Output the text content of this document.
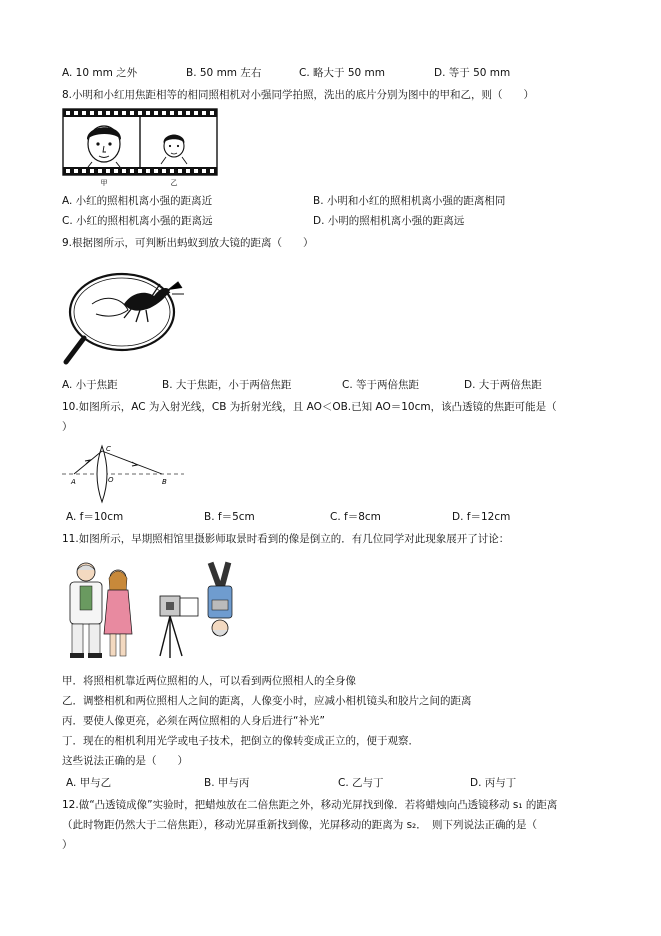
A. 10 mm 之外	B. 50 mm 左右	C. 略大于 50 mm	D. 等于 50 mm
8.小明和小红用焦距相等的相同照相机对小强同学拍照，洗出的底片分别为图中的甲和乙，则（　　）
甲	乙
A. 小红的照相机离小强的距离近	B. 小明和小红的照相机离小强的距离相同
C. 小红的照相机离小强的距离远	D. 小明的照相机离小强的距离远
9.根据图所示，可判断出蚂蚁到放大镜的距离（　　）
A. 小于焦距	B. 大于焦距，小于两倍焦距	C. 等于两倍焦距	D. 大于两倍焦距
10.如图所示，AC 为入射光线，CB 为折射光线，且 AO＜OB.已知 AO＝10cm，该凸透镜的焦距可能是（
）
A	O	B
C
A. f＝10cm	B. f＝5cm	C. f＝8cm	D. f＝12cm
11.如图所示，早期照相馆里摄影师取景时看到的像是倒立的．有几位同学对此现象展开了讨论：
甲．将照相机靠近两位照相的人，可以看到两位照相人的全身像
乙．调整相机和两位照相人之间的距离，人像变小时，应减小相机镜头和胶片之间的距离
丙．要使人像更亮，必须在两位照相的人身后进行“补光”
丁．现在的相机利用光学或电子技术，把倒立的像转变成正立的，便于观察．
这些说法正确的是（　　）
A. 甲与乙	B. 甲与丙	C. 乙与丁	D. 丙与丁
12.做“凸透镜成像”实验时，把蜡烛放在二倍焦距之外，移动光屏找到像．若将蜡烛向凸透镜移动 s₁ 的距离
（此时物距仍然大于二倍焦距），移动光屏重新找到像，光屏移动的距离为 s₂．　则下列说法正确的是（
）
